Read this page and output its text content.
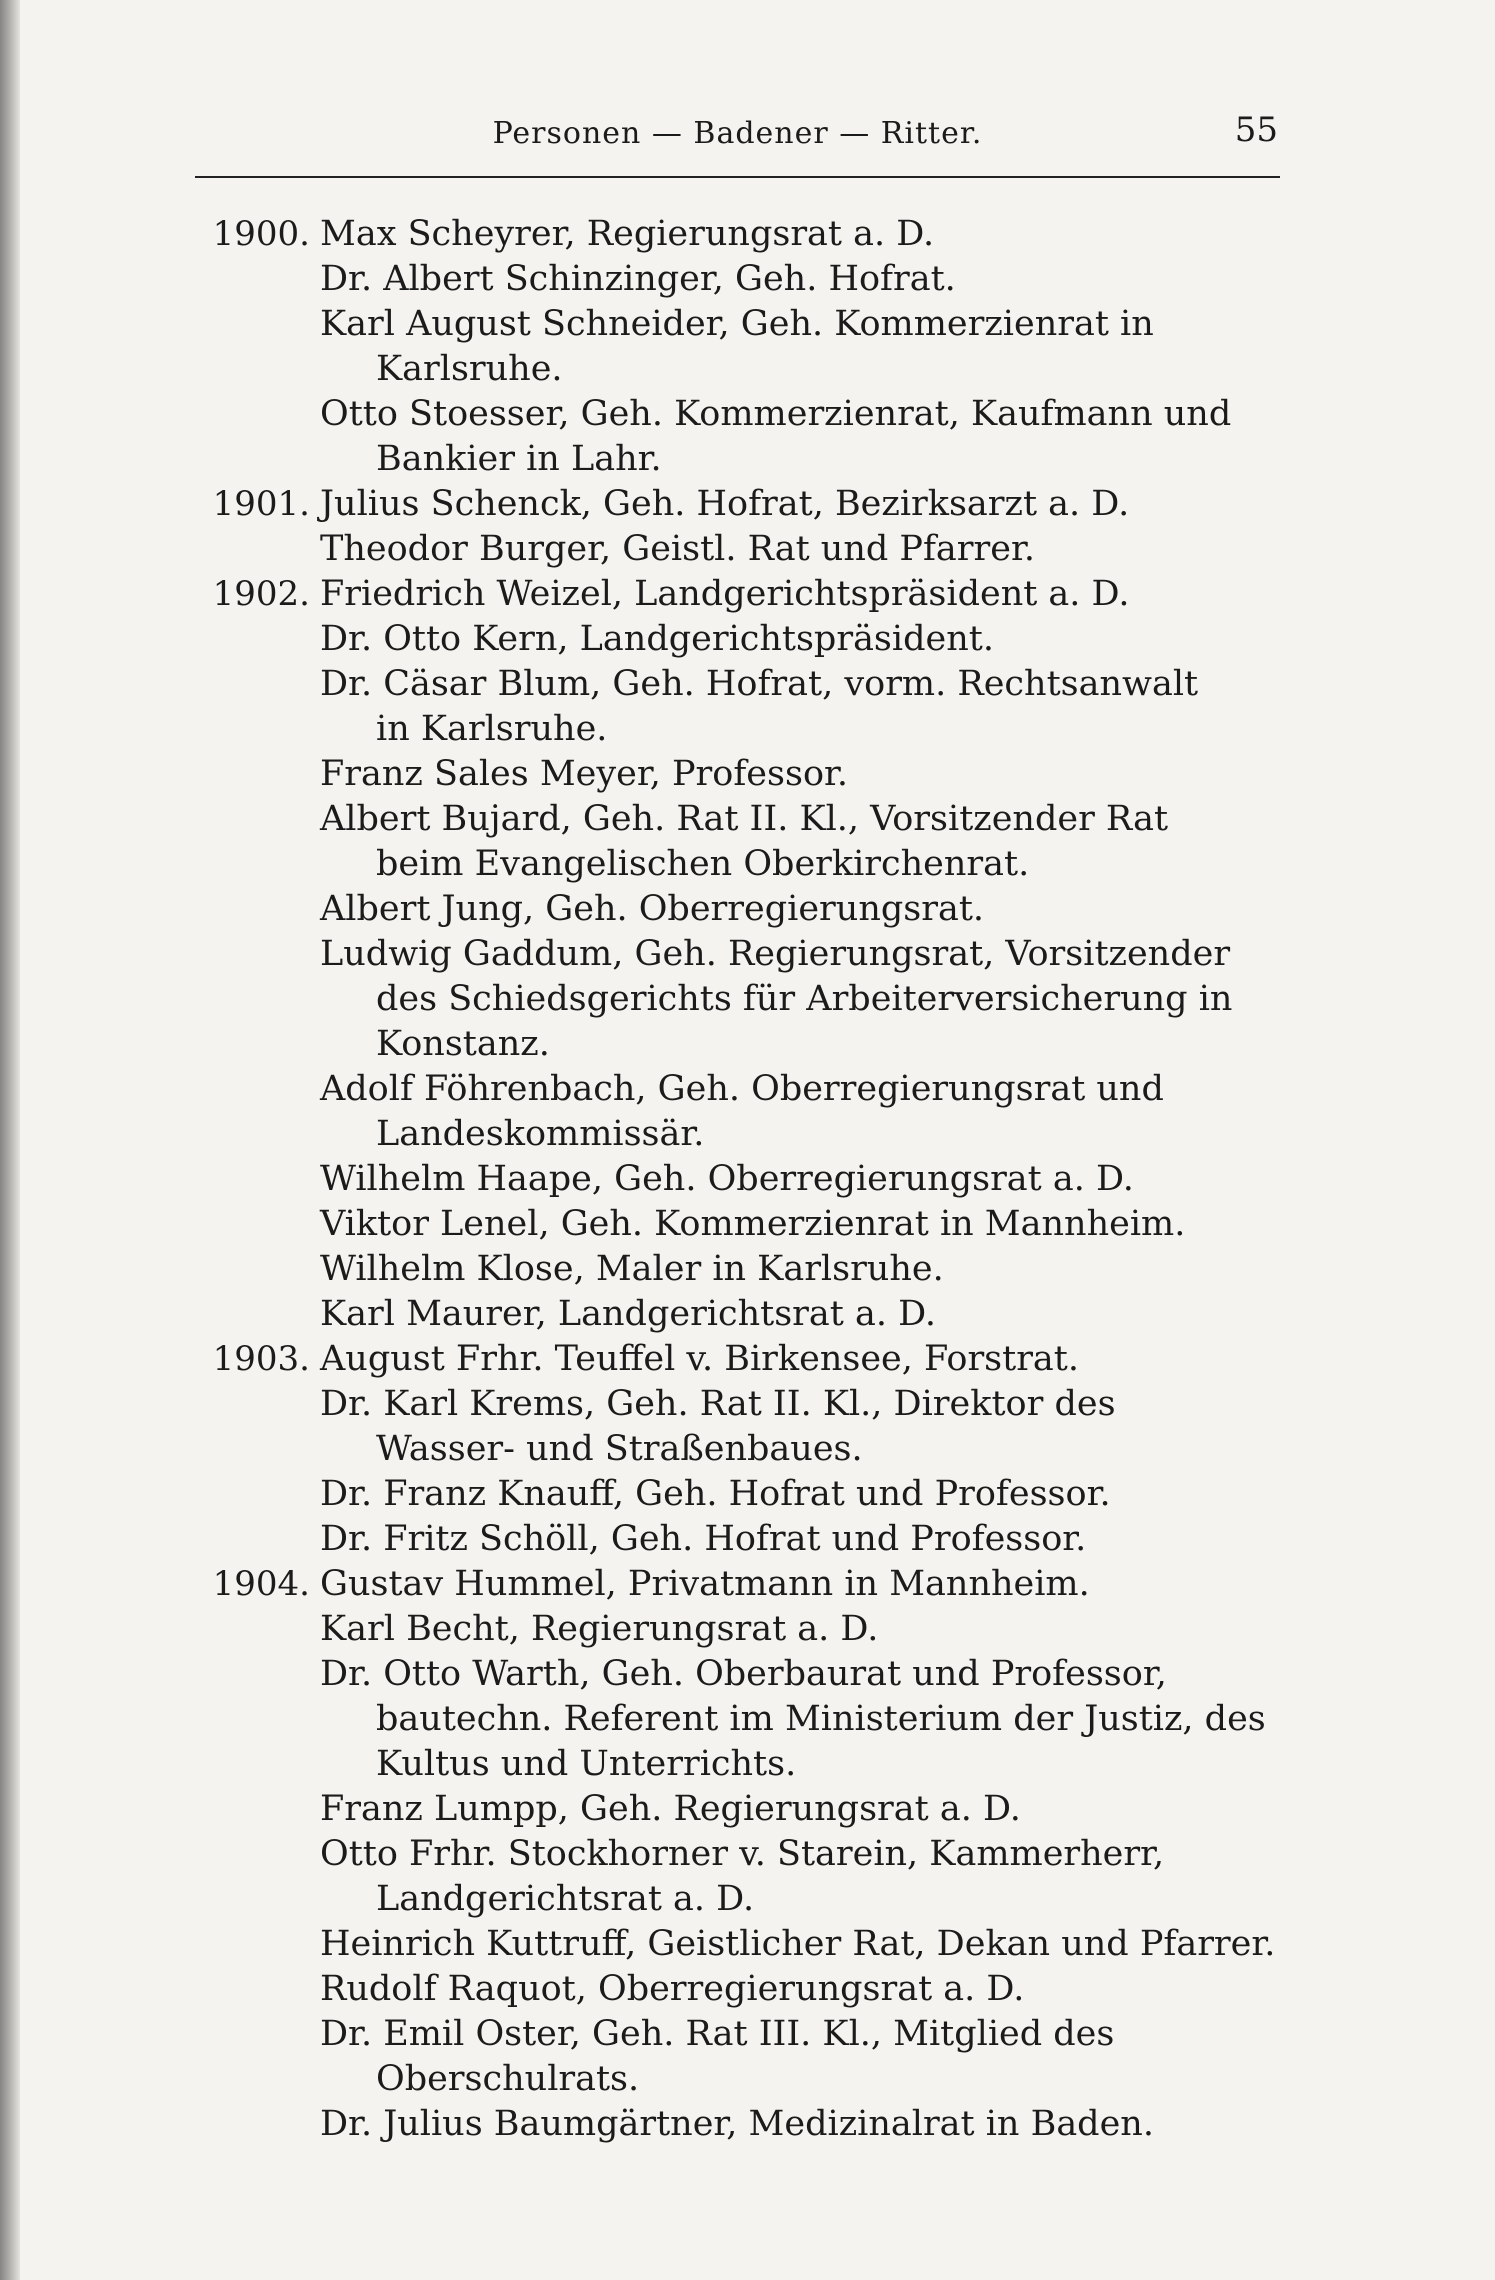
Personen — Badener — Ritter.	55
1900. Max Scheyrer, Regierungsrat a. D.
Dr. Albert Schinzinger, Geh. Hofrat.
Karl August Schneider, Geh. Kommerzienrat in
Karlsruhe.
Otto Stoesser, Geh. Kommerzienrat, Kaufmann und
Bankier in Lahr.
1901. Julius Schenck, Geh. Hofrat, Bezirksarzt a. D.
Theodor Burger, Geistl. Rat und Pfarrer.
1902. Friedrich Weizel, Landgerichtspräsident a. D.
Dr. Otto Kern, Landgerichtspräsident.
Dr. Cäsar Blum, Geh. Hofrat, vorm. Rechtsanwalt
in Karlsruhe.
Franz Sales Meyer, Professor.
Albert Bujard, Geh. Rat II. Kl., Vorsitzender Rat
beim Evangelischen Oberkirchenrat.
Albert Jung, Geh. Oberregierungsrat.
Ludwig Gaddum, Geh. Regierungsrat, Vorsitzender
des Schiedsgerichts für Arbeiterversicherung in
Konstanz.
Adolf Föhrenbach, Geh. Oberregierungsrat und
Landeskommissär.
Wilhelm Haape, Geh. Oberregierungsrat a. D.
Viktor Lenel, Geh. Kommerzienrat in Mannheim.
Wilhelm Klose, Maler in Karlsruhe.
Karl Maurer, Landgerichtsrat a. D.
1903. August Frhr. Teuffel v. Birkensee, Forstrat.
Dr. Karl Krems, Geh. Rat II. Kl., Direktor des
Wasser- und Straßenbaues.
Dr. Franz Knauff, Geh. Hofrat und Professor.
Dr. Fritz Schöll, Geh. Hofrat und Professor.
1904. Gustav Hummel, Privatmann in Mannheim.
Karl Becht, Regierungsrat a. D.
Dr. Otto Warth, Geh. Oberbaurat und Professor,
bautechn. Referent im Ministerium der Justiz, des
Kultus und Unterrichts.
Franz Lumpp, Geh. Regierungsrat a. D.
Otto Frhr. Stockhorner v. Starein, Kammerherr,
Landgerichtsrat a. D.
Heinrich Kuttruff, Geistlicher Rat, Dekan und Pfarrer.
Rudolf Raquot, Oberregierungsrat a. D.
Dr. Emil Oster, Geh. Rat III. Kl., Mitglied des
Oberschulrats.
Dr. Julius Baumgärtner, Medizinalrat in Baden.
